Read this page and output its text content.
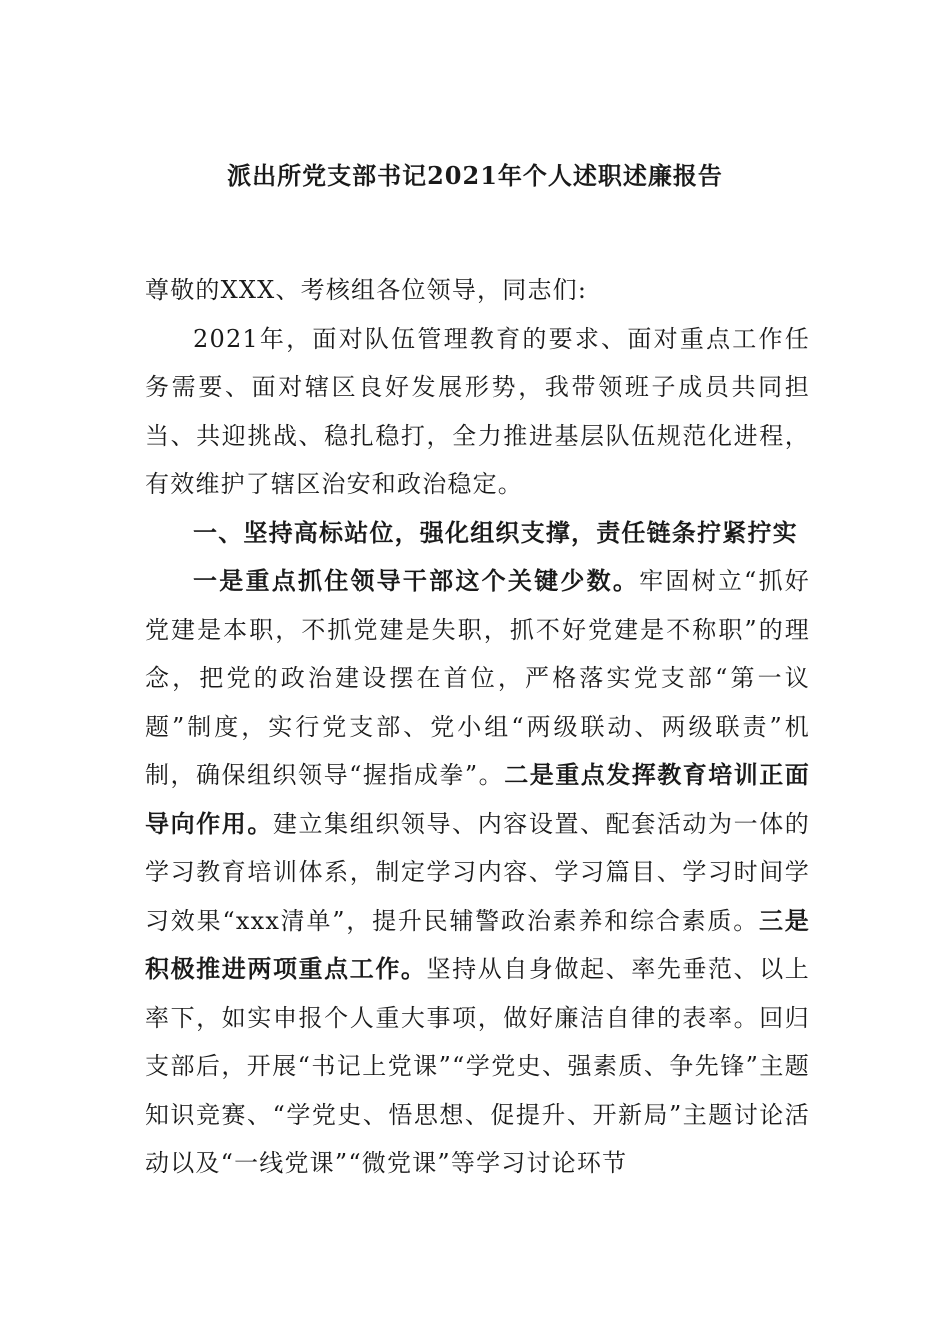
派出所党支部书记2021年个人述职述廉报告

尊敬的XXX、考核组各位领导，同志们:

2021年，面对队伍管理教育的要求、面对重点工作任务需要、面对辖区良好发展形势，我带领班子成员共同担当、共迎挑战、稳扎稳打，全力推进基层队伍规范化进程，有效维护了辖区治安和政治稳定。

一、坚持高标站位，强化组织支撑，责任链条拧紧拧实

一是重点抓住领导干部这个关键少数。牢固树立“抓好党建是本职，不抓党建是失职，抓不好党建是不称职”的理念，把党的政治建设摆在首位，严格落实党支部“第一议题”制度，实行党支部、党小组“两级联动、两级联责”机制，确保组织领导“握指成拳”。二是重点发挥教育培训正面导向作用。建立集组织领导、内容设置、配套活动为一体的学习教育培训体系，制定学习内容、学习篇目、学习时间学习效果“xxx清单”，提升民辅警政治素养和综合素质。三是积极推进两项重点工作。坚持从自身做起、率先垂范、以上率下，如实申报个人重大事项，做好廉洁自律的表率。回归支部后，开展“书记上党课”“学党史、强素质、争先锋”主题知识竞赛、“学党史、悟思想、促提升、开新局”主题讨论活动以及“一线党课”“微党课”等学习讨论环节
